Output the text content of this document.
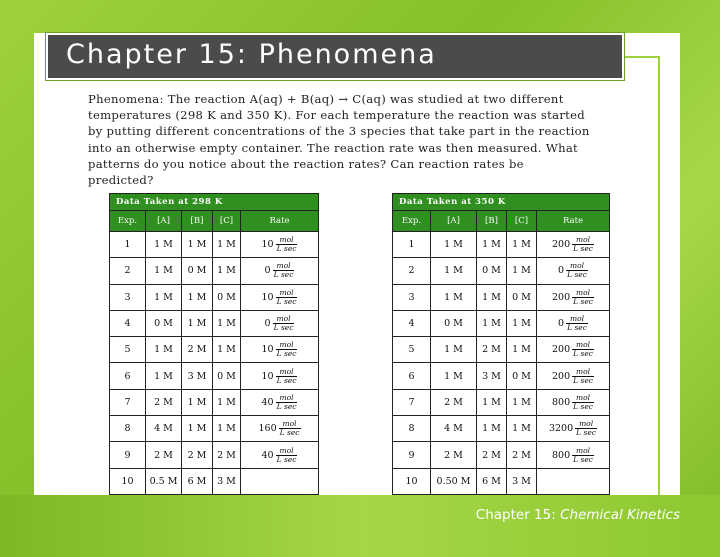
Chapter 15: Phenomena
Phenomena: The reaction A(aq) + B(aq) → C(aq) was studied at two different
temperatures (298 K and 350 K). For each temperature the reaction was started
by putting different concentrations of the 3 species that take part in the reaction
into an otherwise empty container. The reaction rate was then measured. What
patterns do you notice about the reaction rates? Can reaction rates be
predicted?
Data Taken at 298 K				
Exp.	[A]	[B]	[C]	Rate
1	1 M	1 M	1 M	$10 \frac{\text{mol}}{\text{L sec}}$

2	1 M	0 M	1 M	$0 \frac{\text{mol}}{\text{L sec}}$

3	1 M	1 M	0 M	$10 \frac{\text{mol}}{\text{L sec}}$

4	0 M	1 M	1 M	$0 \frac{\text{mol}}{\text{L sec}}$

5	1 M	2 M	1 M	$10 \frac{\text{mol}}{\text{L sec}}$

6	1 M	3 M	0 M	$10 \frac{\text{mol}}{\text{L sec}}$

7	2 M	1 M	1 M	$40 \frac{\text{mol}}{\text{L sec}}$

8	4 M	1 M	1 M	$160 \frac{\text{mol}}{\text{L sec}}$

9	2 M	2 M	2 M	$40 \frac{\text{mol}}{\text{L sec}}$

10	0.5 M	6 M	3 M	
Data Taken at 350 K				
Exp.	[A]	[B]	[C]	Rate
1	1 M	1 M	1 M	$200 \frac{\text{mol}}{\text{L sec}}$

2	1 M	0 M	1 M	$0 \frac{\text{mol}}{\text{L sec}}$

3	1 M	1 M	0 M	$200 \frac{\text{mol}}{\text{L sec}}$

4	0 M	1 M	1 M	$0 \frac{\text{mol}}{\text{L sec}}$

5	1 M	2 M	1 M	$200 \frac{\text{mol}}{\text{L sec}}$

6	1 M	3 M	0 M	$200 \frac{\text{mol}}{\text{L sec}}$

7	2 M	1 M	1 M	$800 \frac{\text{mol}}{\text{L sec}}$

8	4 M	1 M	1 M	$3200 \frac{\text{mol}}{\text{L sec}}$

9	2 M	2 M	2 M	$800 \frac{\text{mol}}{\text{L sec}}$

10	0.50 M	6 M	3 M	
Chapter 15: Chemical Kinetics
